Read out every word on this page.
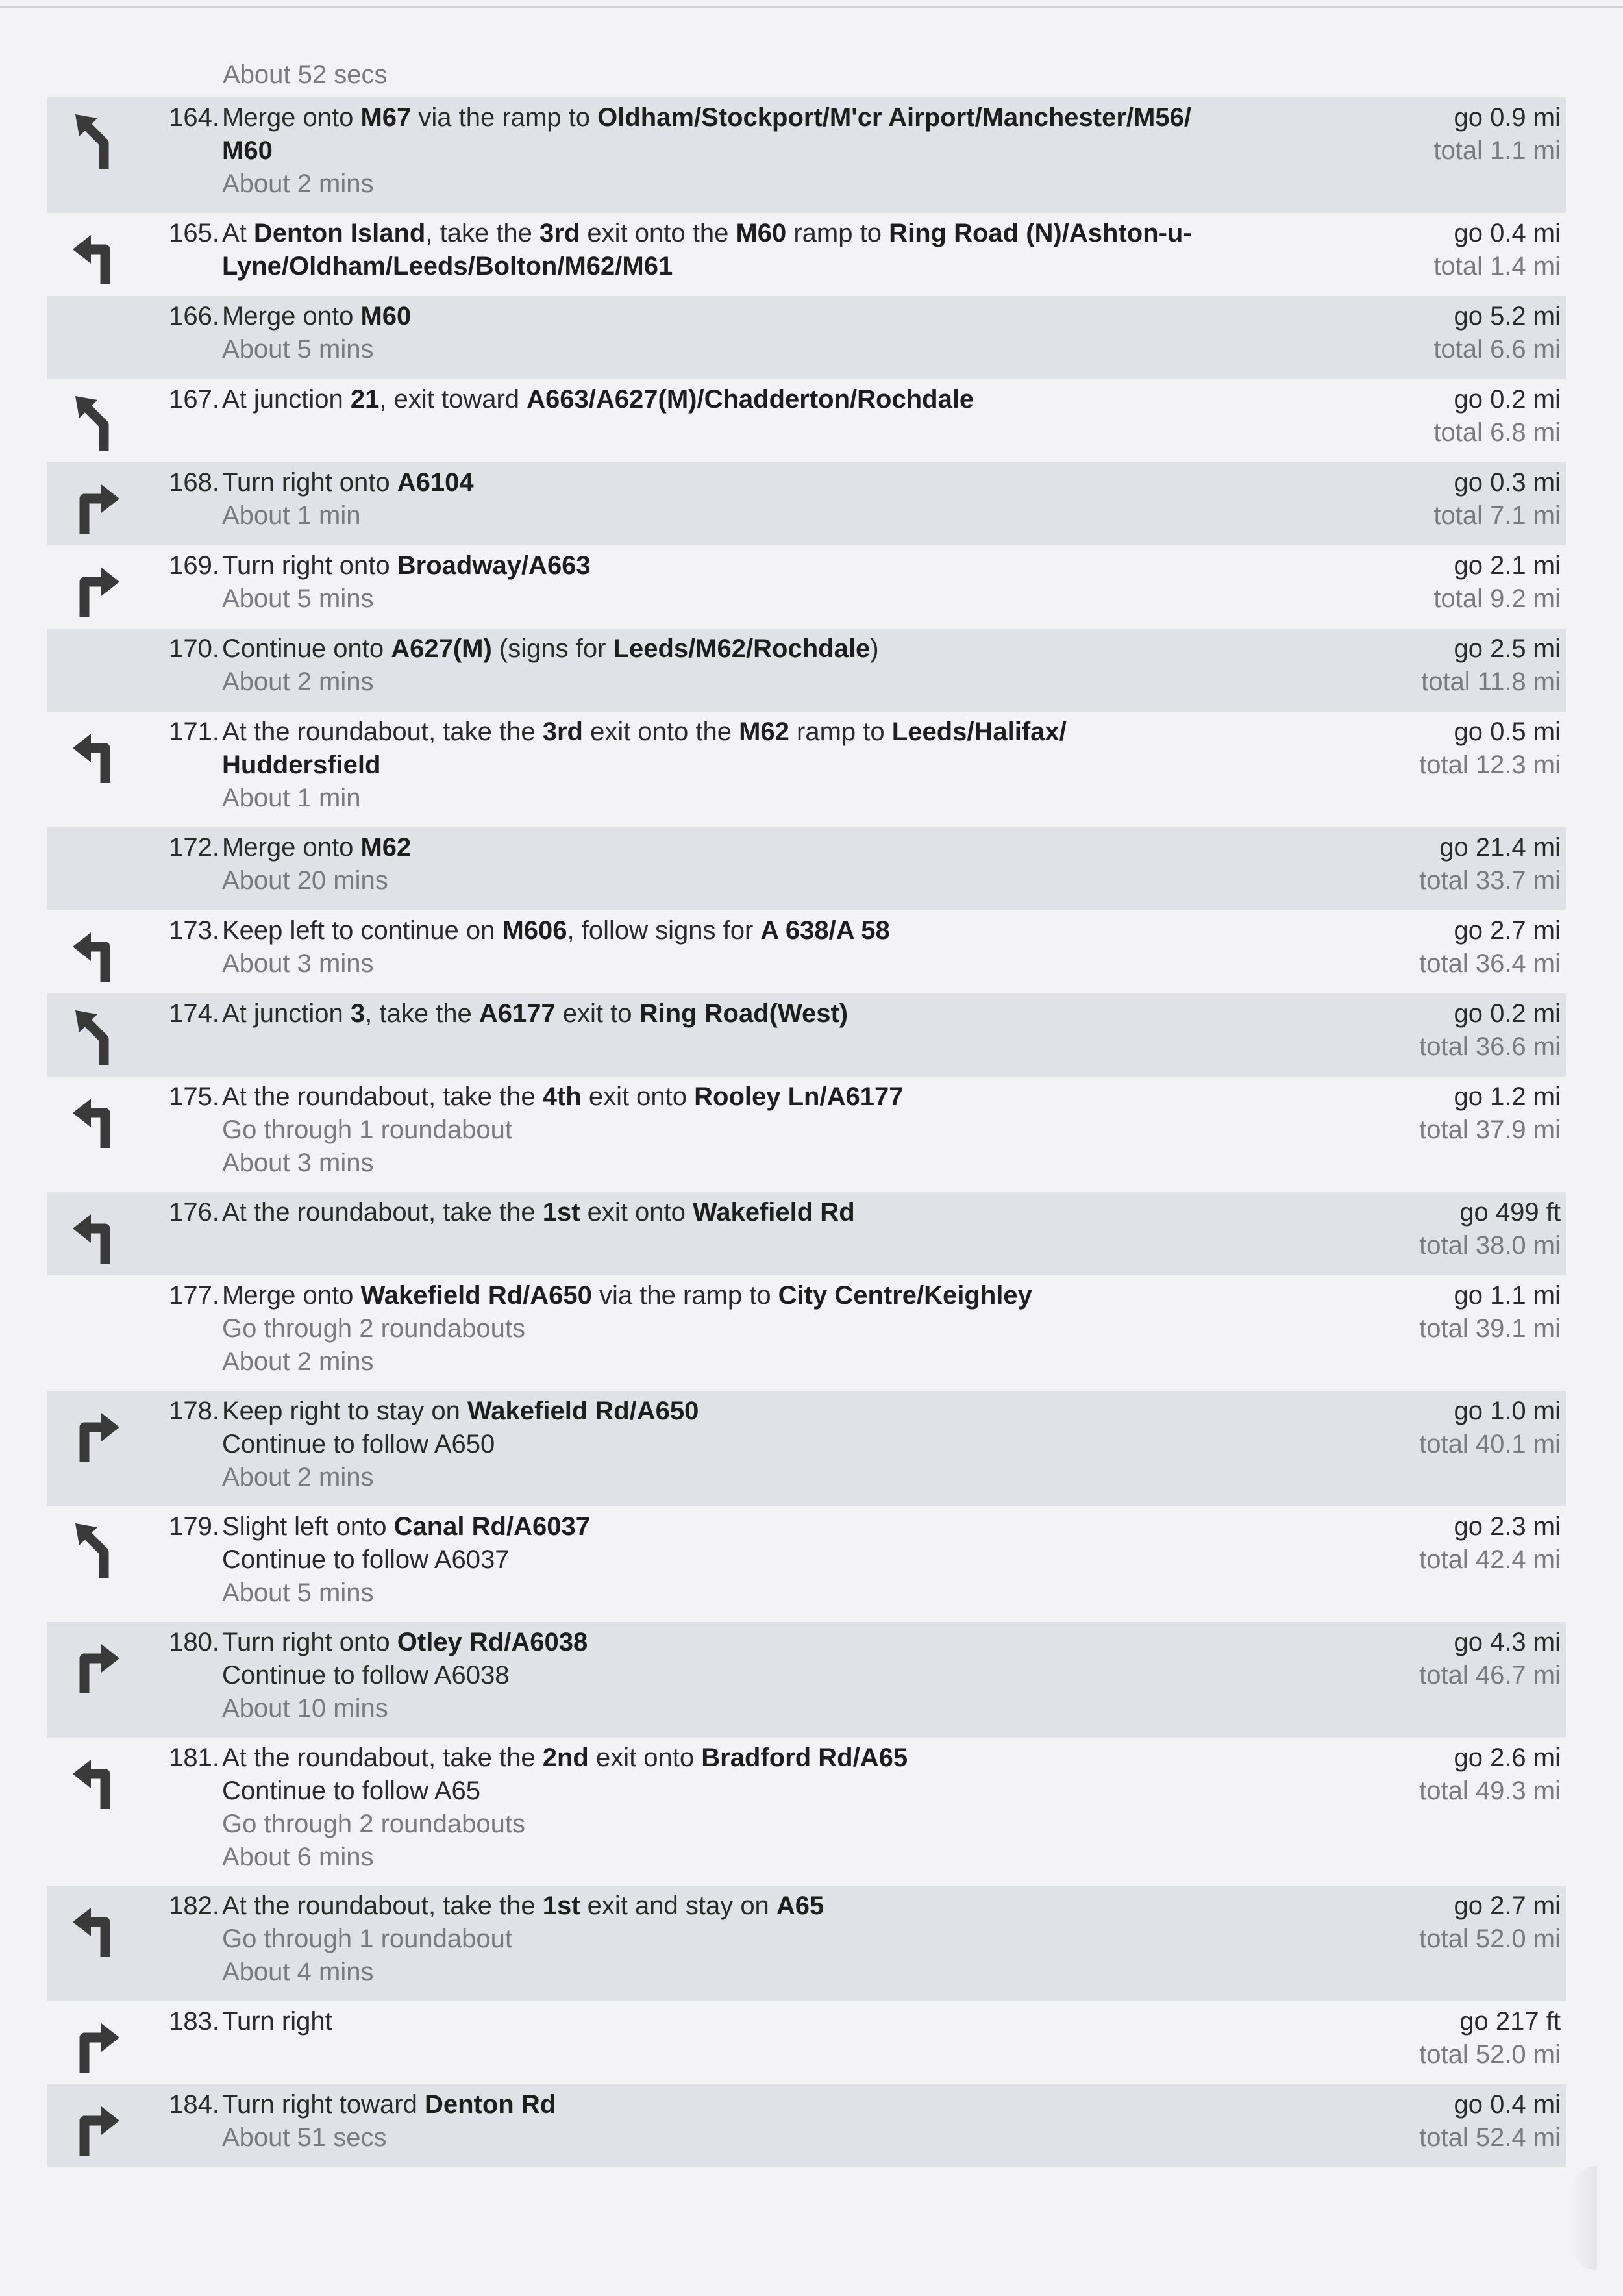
About 52 secs
164. Merge onto M67 via the ramp to Oldham/Stockport/M'cr Airport/Manchester/M56/
M60
About 2 mins
go 0.9 mi
total 1.1 mi
165. At Denton Island, take the 3rd exit onto the M60 ramp to Ring Road (N)/Ashton-u-
Lyne/Oldham/Leeds/Bolton/M62/M61
go 0.4 mi
total 1.4 mi
166. Merge onto M60
About 5 mins
go 5.2 mi
total 6.6 mi
167. At junction 21, exit toward A663/A627(M)/Chadderton/Rochdale	go 0.2 mi
total 6.8 mi
168. Turn right onto A6104
About 1 min
go 0.3 mi
total 7.1 mi
169. Turn right onto Broadway/A663
About 5 mins
go 2.1 mi
total 9.2 mi
170. Continue onto A627(M) (signs for Leeds/M62/Rochdale)
About 2 mins
go 2.5 mi
total 11.8 mi
171. At the roundabout, take the 3rd exit onto the M62 ramp to Leeds/Halifax/
Huddersfield
About 1 min
go 0.5 mi
total 12.3 mi
172. Merge onto M62
About 20 mins
go 21.4 mi
total 33.7 mi
173. Keep left to continue on M606, follow signs for A 638/A 58
About 3 mins
go 2.7 mi
total 36.4 mi
174. At junction 3, take the A6177 exit to Ring Road(West)	go 0.2 mi
total 36.6 mi
175. At the roundabout, take the 4th exit onto Rooley Ln/A6177
Go through 1 roundabout
About 3 mins
go 1.2 mi
total 37.9 mi
176. At the roundabout, take the 1st exit onto Wakefield Rd	go 499 ft
total 38.0 mi
177. Merge onto Wakefield Rd/A650 via the ramp to City Centre/Keighley
Go through 2 roundabouts
About 2 mins
go 1.1 mi
total 39.1 mi
178. Keep right to stay on Wakefield Rd/A650
Continue to follow A650
About 2 mins
go 1.0 mi
total 40.1 mi
179. Slight left onto Canal Rd/A6037
Continue to follow A6037
About 5 mins
go 2.3 mi
total 42.4 mi
180. Turn right onto Otley Rd/A6038
Continue to follow A6038
About 10 mins
go 4.3 mi
total 46.7 mi
181. At the roundabout, take the 2nd exit onto Bradford Rd/A65
Continue to follow A65
Go through 2 roundabouts
About 6 mins
go 2.6 mi
total 49.3 mi
182. At the roundabout, take the 1st exit and stay on A65
Go through 1 roundabout
About 4 mins
go 2.7 mi
total 52.0 mi
183. Turn right	go 217 ft
total 52.0 mi
184. Turn right toward Denton Rd
About 51 secs
go 0.4 mi
total 52.4 mi
